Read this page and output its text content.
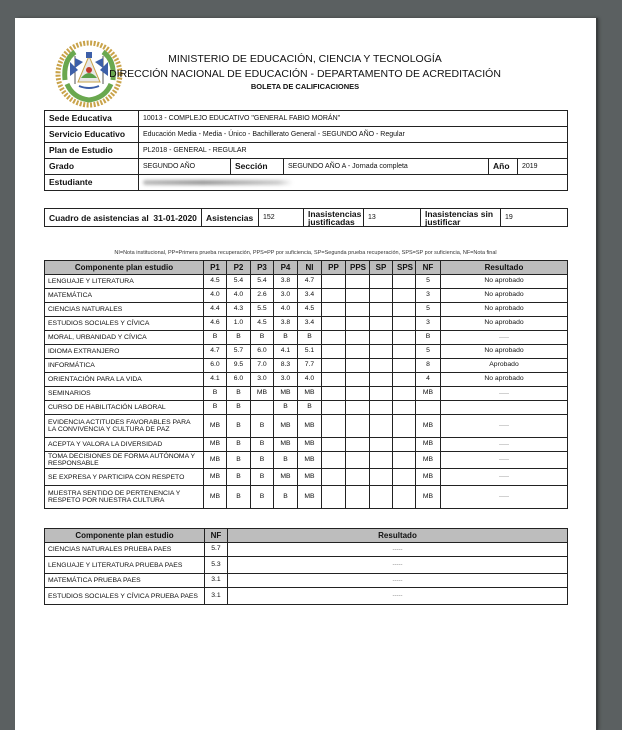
MINISTERIO DE EDUCACIÓN, CIENCIA Y TECNOLOGÍA
DIRECCIÓN NACIONAL DE EDUCACIÓN - DEPARTAMENTO DE ACREDITACIÓN
BOLETA DE CALIFICACIONES
Sede Educativa	10013 - COMPLEJO EDUCATIVO "GENERAL FABIO MORÁN"				
Servicio Educativo	Educación Media - Media - Único - Bachillerato General - SEGUNDO AÑO - Regular				
Plan de Estudio	PL2018 - GENERAL - REGULAR				
Grado	SEGUNDO AÑO	Sección	SEGUNDO AÑO A - Jornada completa	Año	2019
Estudiante					
Cuadro de asistencias al 31-01-2020	Asistencias	152	Inasistencias justificadas	13	Inasistencias sin justificar	19
NI=Nota institucional, PP=Primera prueba recuperación, PPS=PP por suficiencia, SP=Segunda prueba recuperación, SPS=SP por suficiencia, NF=Nota final
Componente plan estudio	P1	P2	P3	P4	NI	PP	PPS	SP	SPS	NF	Resultado
LENGUAJE Y LITERATURA	4.5	5.4	5.4	3.8	4.7					5	No aprobado
MATEMÁTICA	4.0	4.0	2.6	3.0	3.4					3	No aprobado
CIENCIAS NATURALES	4.4	4.3	5.5	4.0	4.5					5	No aprobado
ESTUDIOS SOCIALES Y CÍVICA	4.6	1.0	4.5	3.8	3.4					3	No aprobado
MORAL, URBANIDAD Y CÍVICA	B	B	B	B	B					B	-----
IDIOMA EXTRANJERO	4.7	5.7	6.0	4.1	5.1					5	No aprobado
INFORMÁTICA	6.0	9.5	7.0	8.3	7.7					8	Aprobado
ORIENTACIÓN PARA LA VIDA	4.1	6.0	3.0	3.0	4.0					4	No aprobado
SEMINARIOS	B	B	MB	MB	MB					MB	-----
CURSO DE HABILITACIÓN LABORAL	B	B		B	B						
EVIDENCIA ACTITUDES FAVORABLES PARA LA CONVIVENCIA Y CULTURA DE PAZ	MB	B	B	MB	MB					MB	-----
ACEPTA Y VALORA LA DIVERSIDAD	MB	B	B	MB	MB					MB	-----
TOMA DECISIONES DE FORMA AUTÓNOMA Y RESPONSABLE	MB	B	B	B	MB					MB	-----
SE EXPRESA Y PARTICIPA CON RESPETO	MB	B	B	MB	MB					MB	-----
MUESTRA SENTIDO DE PERTENENCIA Y RESPETO POR NUESTRA CULTURA	MB	B	B	B	MB					MB	-----
Componente plan estudio	NF	Resultado
CIENCIAS NATURALES PRUEBA PAES	5.7	-----
LENGUAJE Y LITERATURA PRUEBA PAES	5.3	-----
MATEMÁTICA PRUEBA PAES	3.1	-----
ESTUDIOS SOCIALES Y CÍVICA PRUEBA PAES	3.1	-----
